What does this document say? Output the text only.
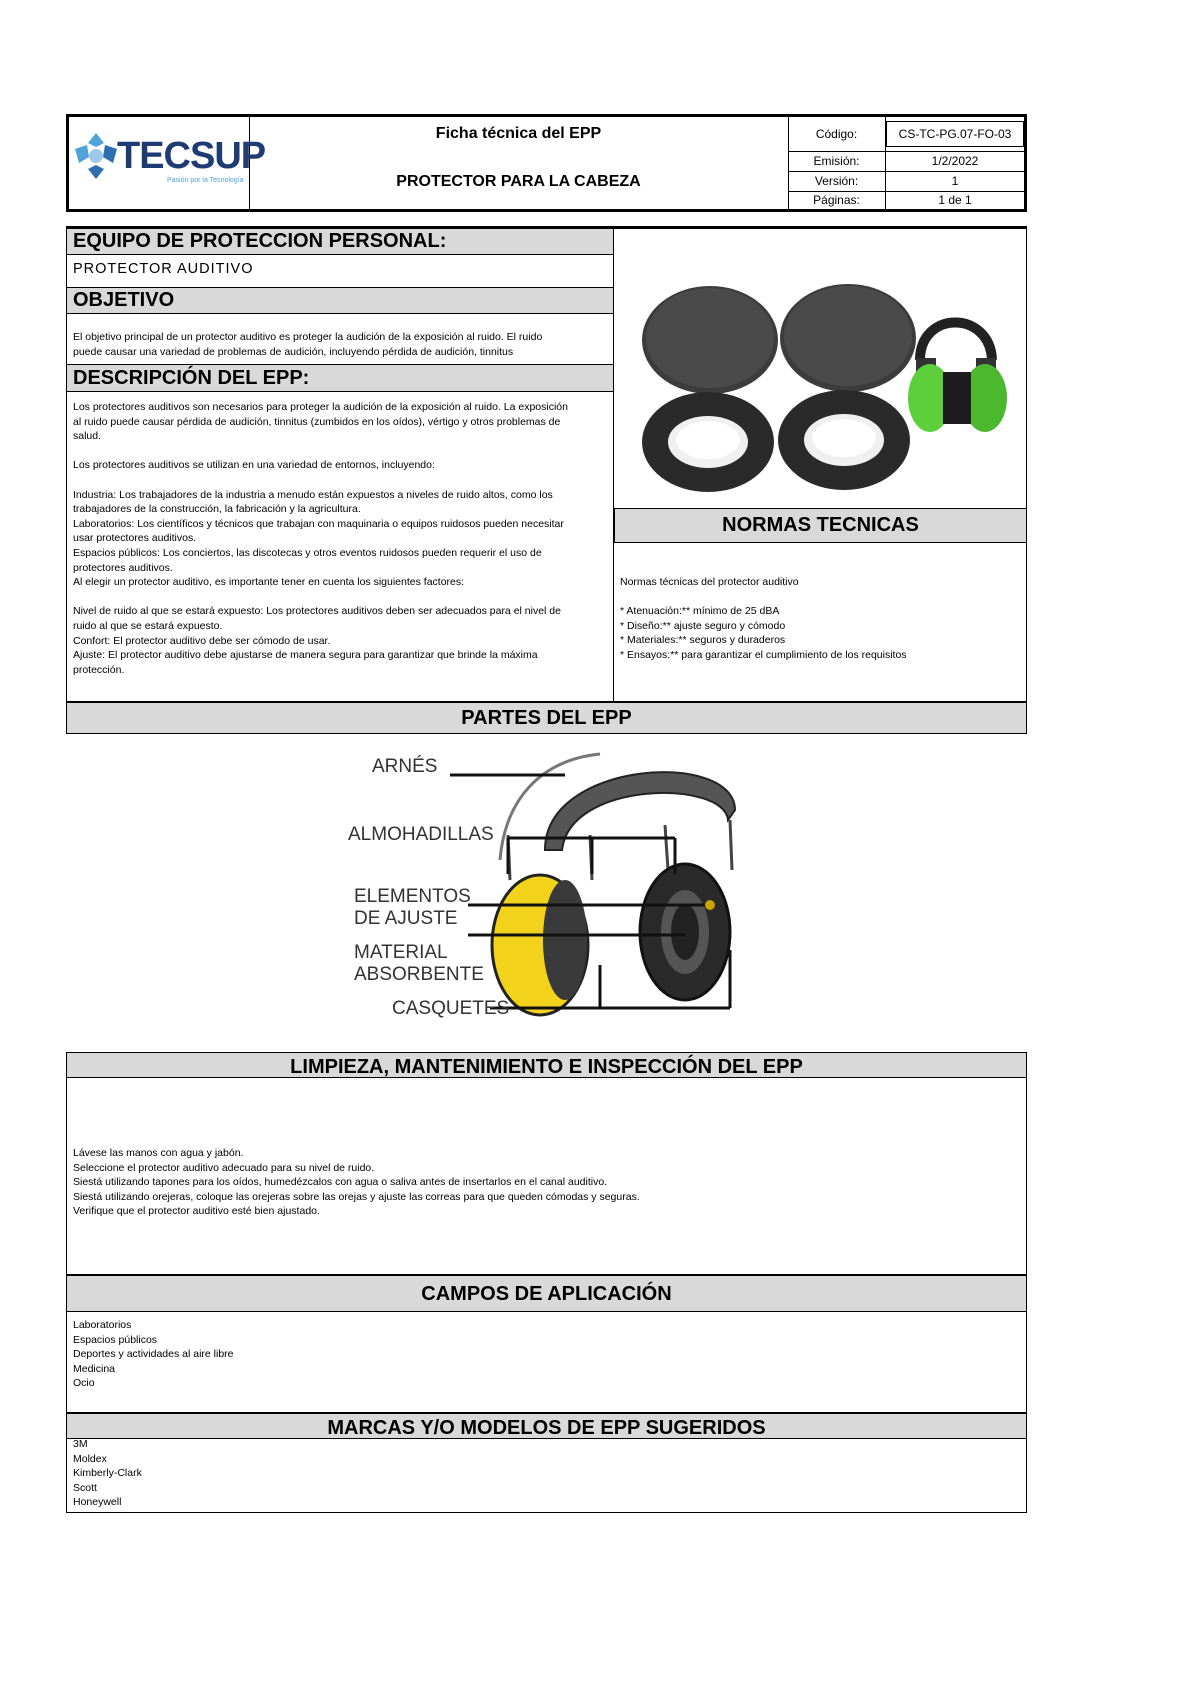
TECSUP
Pasión por la Tecnología
Ficha técnica del EPP
PROTECTOR PARA LA CABEZA
Código:	CS-TC-PG.07-FO-03
Emisión:	1/2/2022
Versión:	1
Páginas:	1 de 1
EQUIPO DE PROTECCION PERSONAL:
PROTECTOR AUDITIVO
OBJETIVO
El objetivo principal de un protector auditivo es proteger la audición de la exposición al ruido. El ruido
puede causar una variedad de problemas de audición, incluyendo pérdida de audición, tinnitus
DESCRIPCIÓN DEL EPP:
Los protectores auditivos son necesarios para proteger la audición de la exposición al ruido. La exposición
al ruido puede causar pérdida de audición, tinnitus (zumbidos en los oídos), vértigo y otros problemas de
salud.

Los protectores auditivos se utilizan en una variedad de entornos, incluyendo:

Industria: Los trabajadores de la industria a menudo están expuestos a niveles de ruido altos, como los
trabajadores de la construcción, la fabricación y la agricultura.
Laboratorios: Los científicos y técnicos que trabajan con maquinaria o equipos ruidosos pueden necesitar
usar protectores auditivos.
Espacios públicos: Los conciertos, las discotecas y otros eventos ruidosos pueden requerir el uso de
protectores auditivos.
Al elegir un protector auditivo, es importante tener en cuenta los siguientes factores:

Nivel de ruido al que se estará expuesto: Los protectores auditivos deben ser adecuados para el nivel de
ruido al que se estará expuesto.
Confort: El protector auditivo debe ser cómodo de usar.
Ajuste: El protector auditivo debe ajustarse de manera segura para garantizar que brinde la máxima
protección.
NORMAS TECNICAS
Normas técnicas del protector auditivo

* Atenuación:** mínimo de 25 dBA
* Diseño:** ajuste seguro y cómodo
* Materiales:** seguros y duraderos
* Ensayos:** para garantizar el cumplimiento de los requisitos
PARTES DEL EPP
ARNÉS
ALMOHADILLAS
ELEMENTOS
DE AJUSTE
MATERIAL
ABSORBENTE
CASQUETES
LIMPIEZA, MANTENIMIENTO E INSPECCIÓN DEL EPP
Lávese las manos con agua y jabón.
Seleccione el protector auditivo adecuado para su nivel de ruido.
Siestá utilizando tapones para los oídos, humedézcalos con agua o saliva antes de insertarlos en el canal auditivo.
Siestá utilizando orejeras, coloque las orejeras sobre las orejas y ajuste las correas para que queden cómodas y seguras.
Verifique que el protector auditivo esté bien ajustado.
CAMPOS DE APLICACIÓN
Laboratorios
Espacios públicos
Deportes y actividades al aire libre
Medicina
Ocio
MARCAS Y/O MODELOS DE EPP SUGERIDOS
3M
Moldex
Kimberly-Clark
Scott
Honeywell
